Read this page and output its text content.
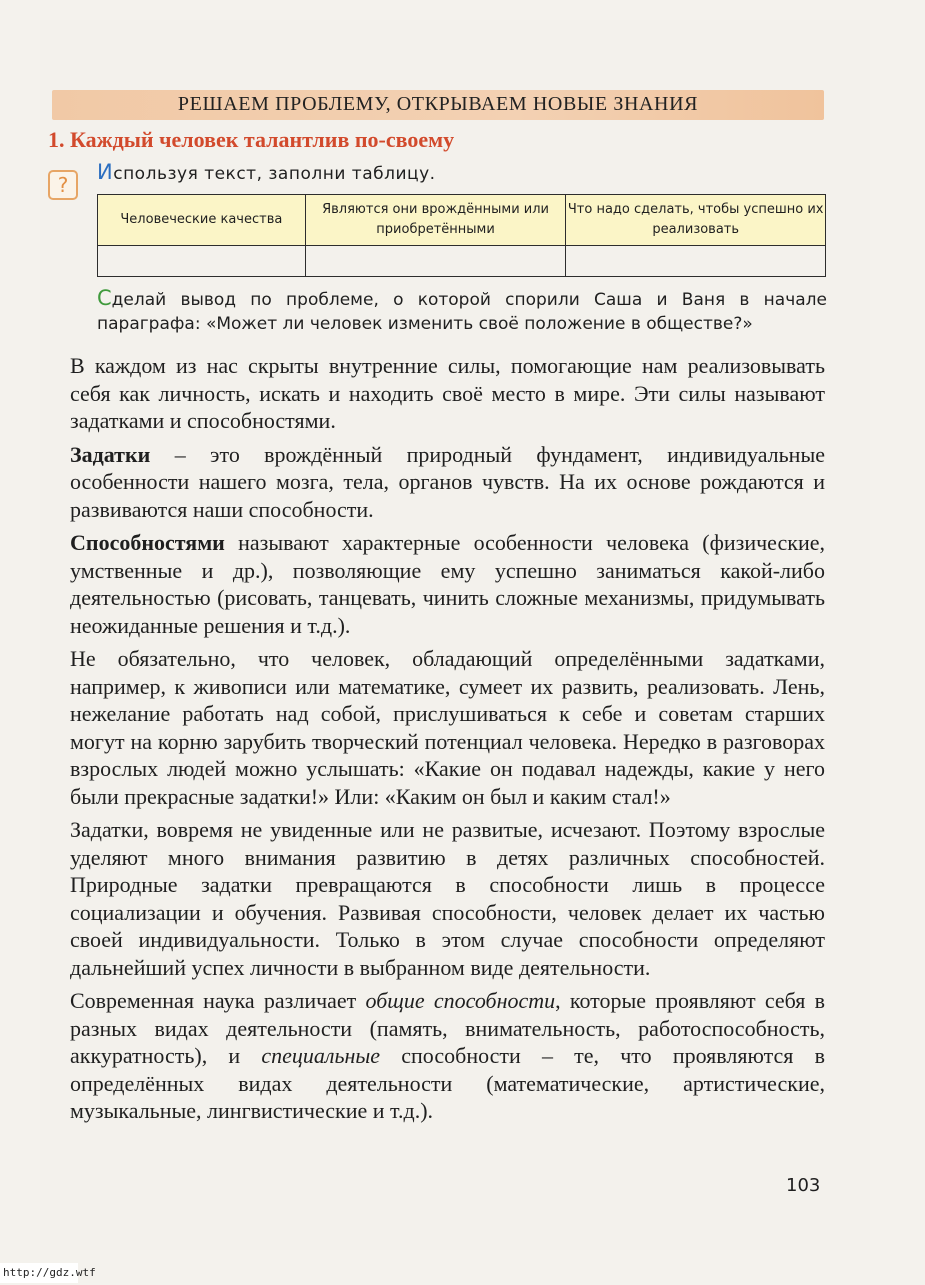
РЕШАЕМ ПРОБЛЕМУ, ОТКРЫВАЕМ НОВЫЕ ЗНАНИЯ
1. Каждый человек талантлив по-своему
?
Используя текст, заполни таблицу.
Человеческие качества	Являются они врождёнными или приобретёнными	Что надо сделать, чтобы успешно их реализовать

Сделай вывод по проблеме, о которой спорили Саша и Ваня в начале параграфа: «Может ли человек изменить своё положение в обществе?»

В каждом из нас скрыты внутренние силы, помогающие нам реализовывать себя как личность, искать и находить своё место в мире. Эти силы называют задатками и способностями.

Задатки – это врождённый природный фундамент, индивидуальные особенности нашего мозга, тела, органов чувств. На их основе рождаются и развиваются наши способности.

Способностями называют характерные особенности человека (физические, умственные и др.), позволяющие ему успешно заниматься какой-либо деятельностью (рисовать, танцевать, чинить сложные механизмы, придумывать неожиданные решения и т.д.).

Не обязательно, что человек, обладающий определёнными задатками, например, к живописи или математике, сумеет их развить, реализовать. Лень, нежелание работать над собой, прислушиваться к себе и советам старших могут на корню зарубить творческий потенциал человека. Нередко в разговорах взрослых людей можно услышать: «Какие он подавал надежды, какие у него были прекрасные задатки!» Или: «Каким он был и каким стал!»

Задатки, вовремя не увиденные или не развитые, исчезают. Поэтому взрослые уделяют много внимания развитию в детях различных способностей. Природные задатки превращаются в способности лишь в процессе социализации и обучения. Развивая способности, человек делает их частью своей индивидуальности. Только в этом случае способности определяют дальнейший успех личности в выбранном виде деятельности.

Современная наука различает общие способности, которые проявляют себя в разных видах деятельности (память, внимательность, работоспособность, аккуратность), и специальные способности – те, что проявляются в определённых видах деятельности (математические, артистические, музыкальные, лингвистические и т.д.).

103
http://gdz.wtf
